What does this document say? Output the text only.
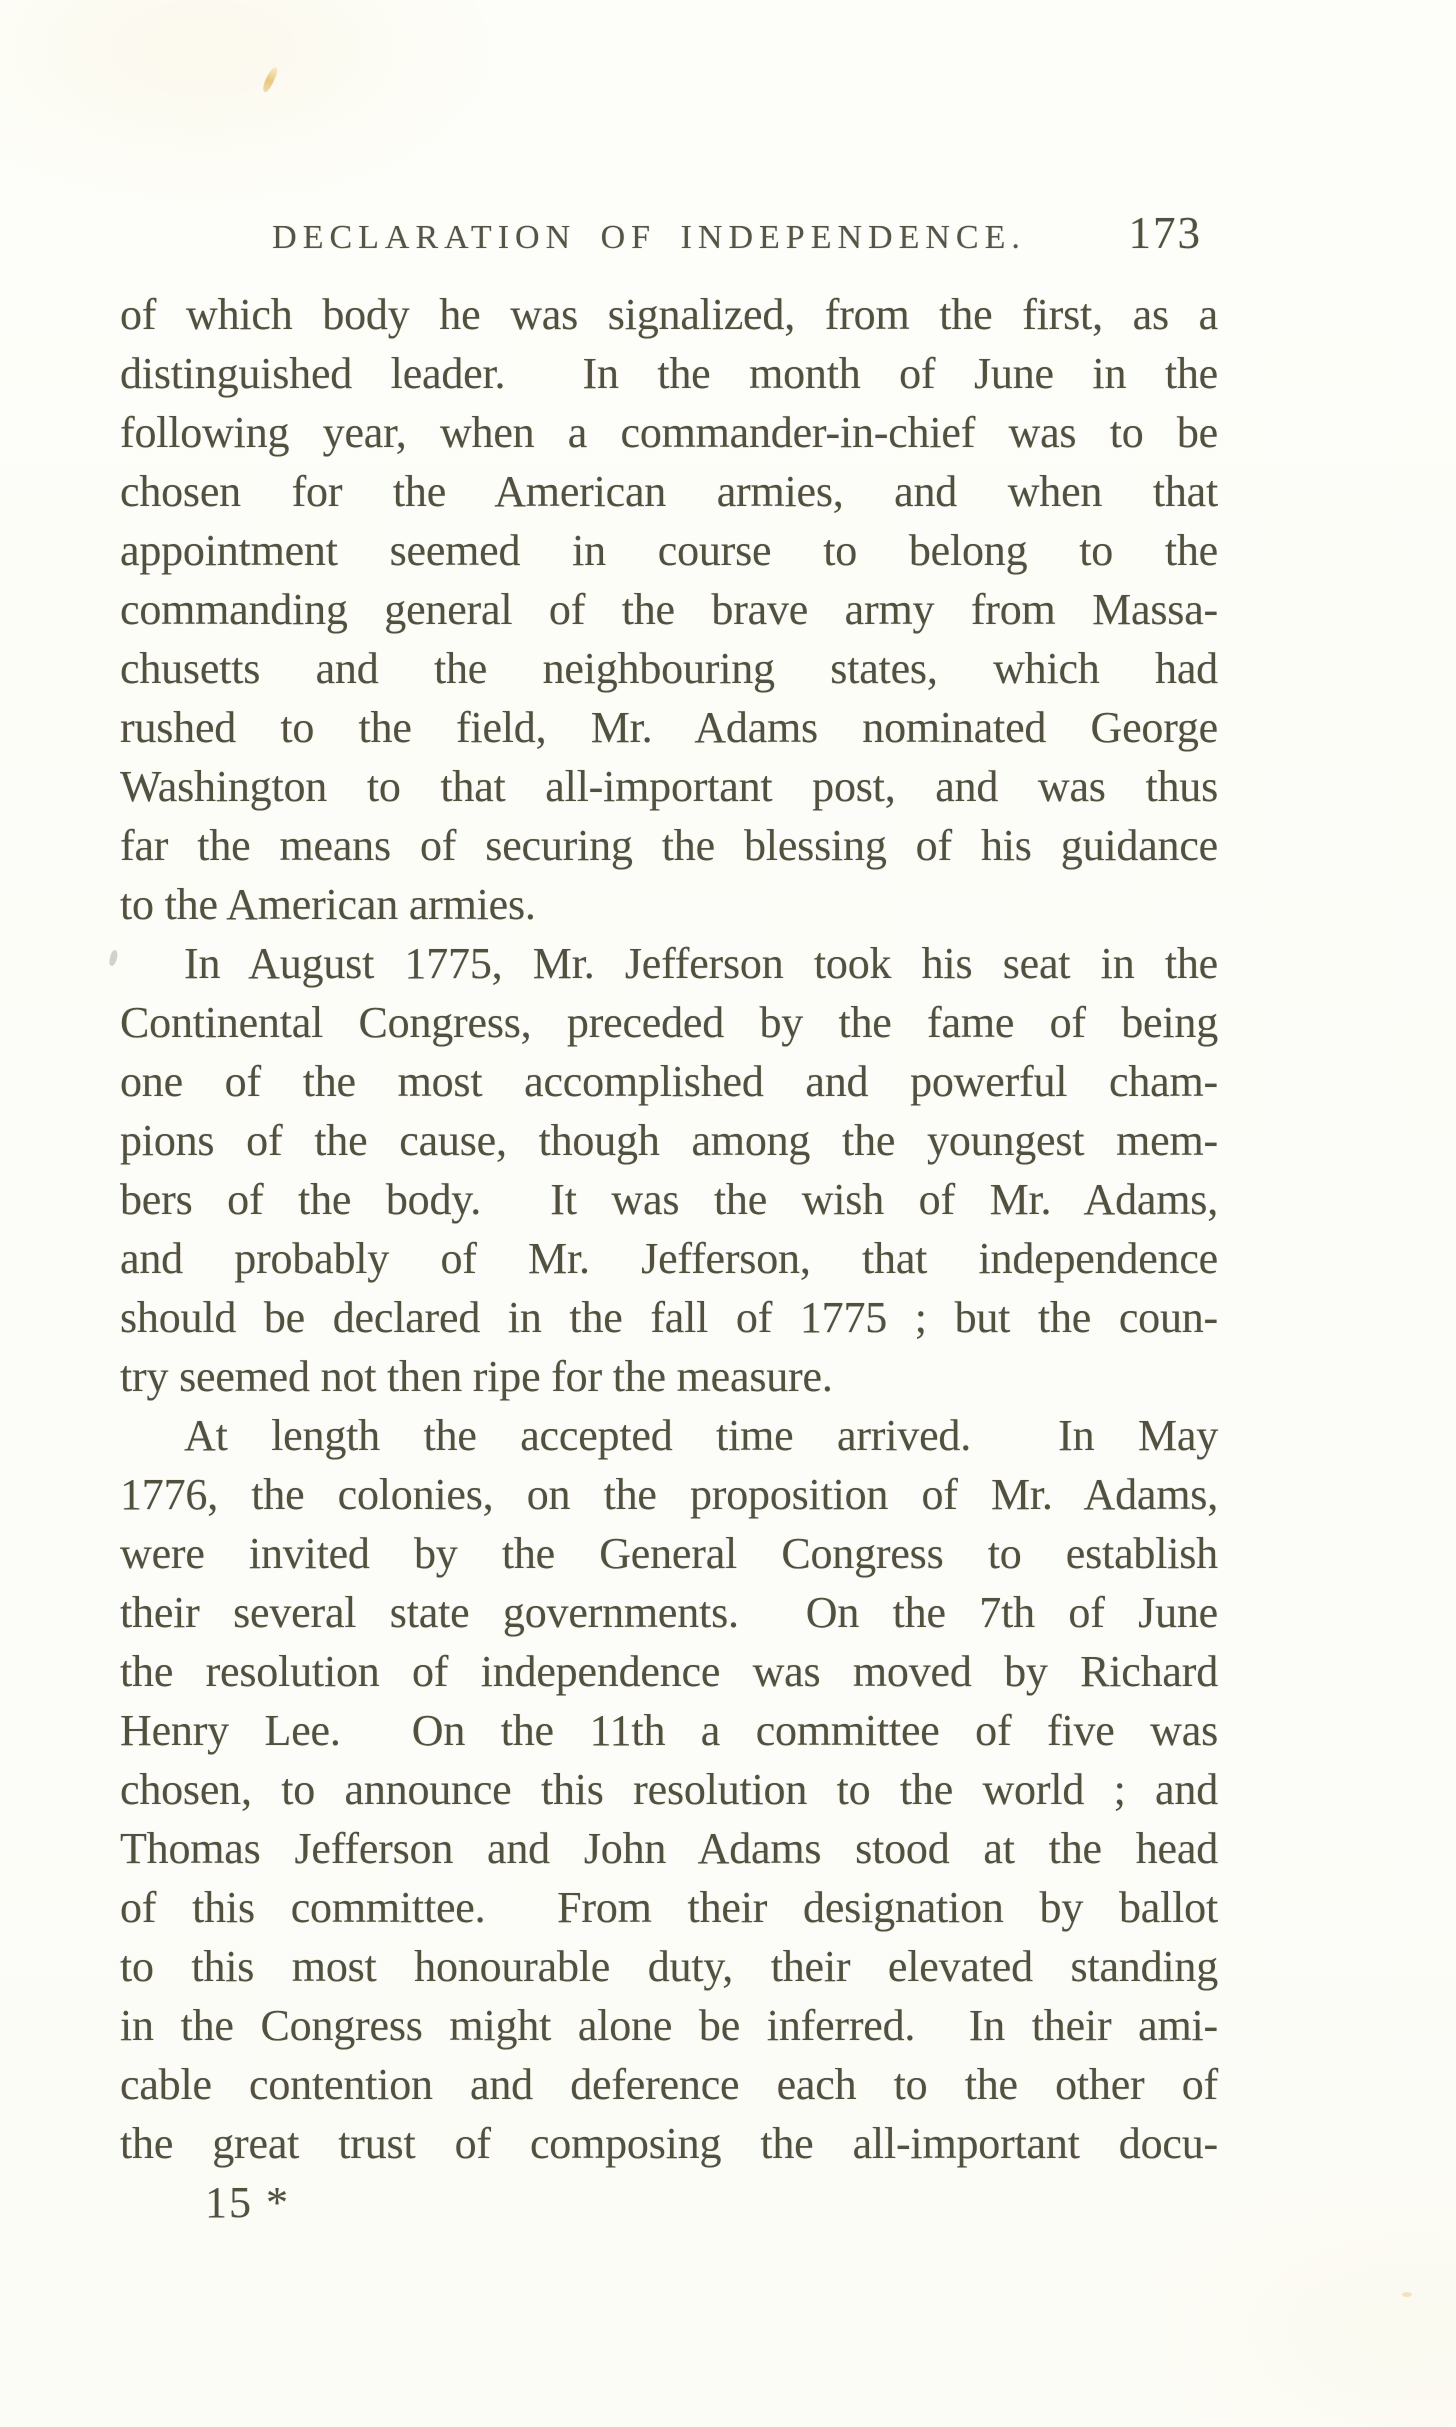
DECLARATION OF INDEPENDENCE.	173
of which body he was signalized, from the first, as a
distinguished leader.  In the month of June in the
following year, when a commander-in-chief was to be
chosen for the American armies, and when that
appointment seemed in course to belong to the
commanding general of the brave army from Massa-
chusetts and the neighbouring states, which had
rushed to the field, Mr. Adams nominated George
Washington to that all-important post, and was thus
far the means of securing the blessing of his guidance
to the American armies.
In August 1775, Mr. Jefferson took his seat in the
Continental Congress, preceded by the fame of being
one of the most accomplished and powerful cham-
pions of the cause, though among the youngest mem-
bers of the body.  It was the wish of Mr. Adams,
and probably of Mr. Jefferson, that independence
should be declared in the fall of 1775 ; but the coun-
try seemed not then ripe for the measure.
At length the accepted time arrived.  In May
1776, the colonies, on the proposition of Mr. Adams,
were invited by the General Congress to establish
their several state governments.  On the 7th of June
the resolution of independence was moved by Richard
Henry Lee.  On the 11th a committee of five was
chosen, to announce this resolution to the world ; and
Thomas Jefferson and John Adams stood at the head
of this committee.  From their designation by ballot
to this most honourable duty, their elevated standing
in the Congress might alone be inferred.  In their ami-
cable contention and deference each to the other of
the great trust of composing the all-important docu-
15 *
